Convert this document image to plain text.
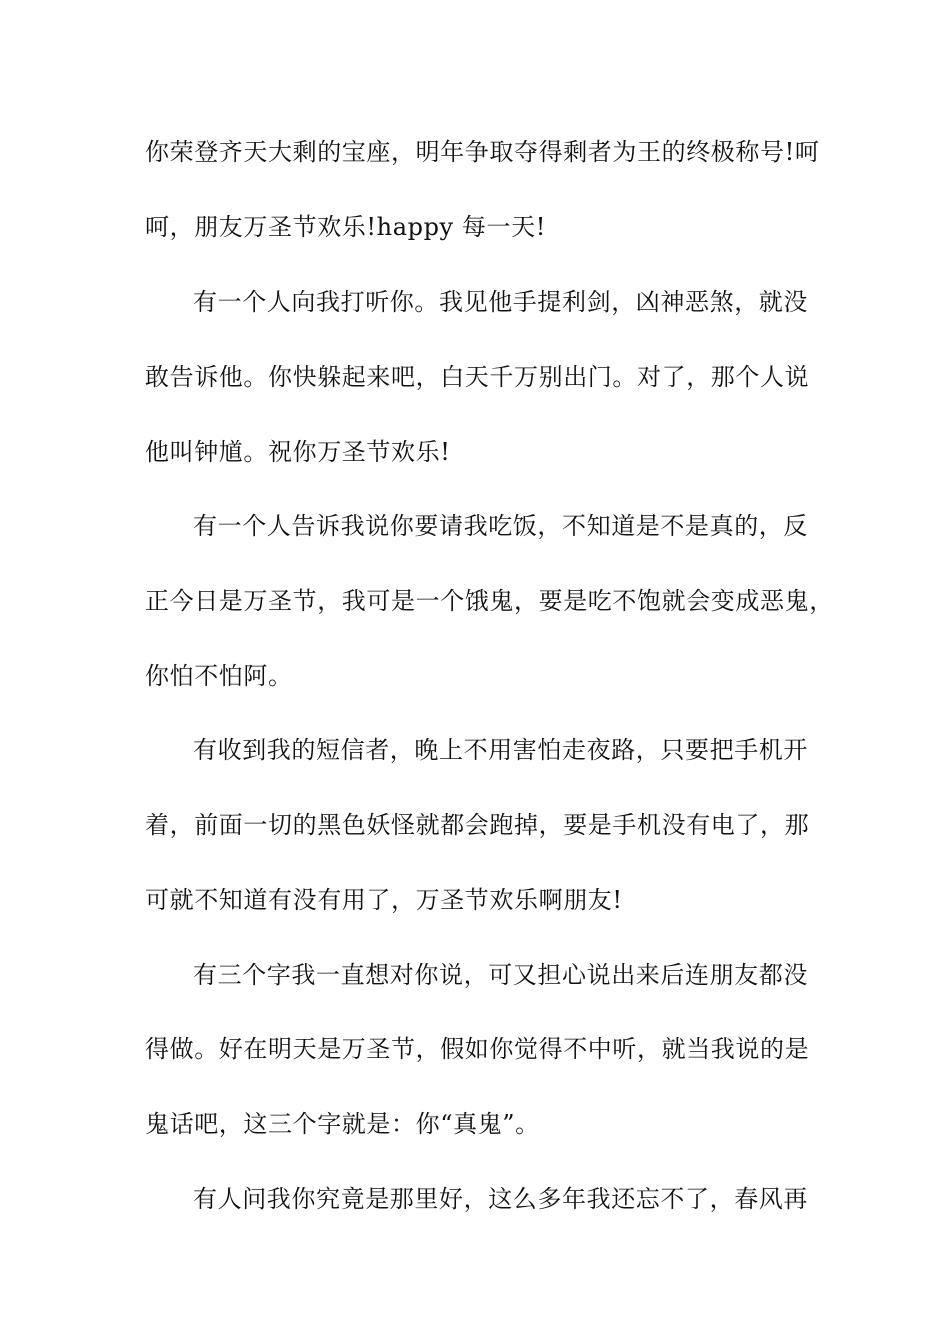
你荣登齐天大剩的宝座，明年争取夺得剩者为王的终极称号!呵
呵，朋友万圣节欢乐!happy 每一天!
有一个人向我打听你。我见他手提利剑，凶神恶煞，就没
敢告诉他。你快躲起来吧，白天千万别出门。对了，那个人说
他叫钟馗。祝你万圣节欢乐!
有一个人告诉我说你要请我吃饭，不知道是不是真的，反
正今日是万圣节，我可是一个饿鬼，要是吃不饱就会变成恶鬼，
你怕不怕阿。
有收到我的短信者，晚上不用害怕走夜路，只要把手机开
着，前面一切的黑色妖怪就都会跑掉，要是手机没有电了，那
可就不知道有没有用了，万圣节欢乐啊朋友!
有三个字我一直想对你说，可又担心说出来后连朋友都没
得做。好在明天是万圣节，假如你觉得不中听，就当我说的是
鬼话吧，这三个字就是：你“真鬼”。
有人问我你究竟是那里好，这么多年我还忘不了，春风再
